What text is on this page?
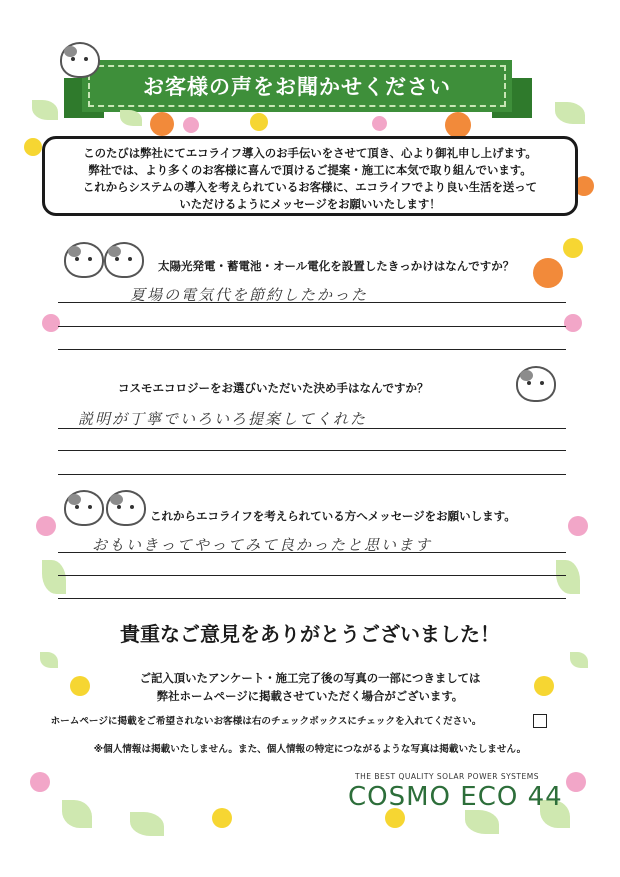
お客様の声をお聞かせください
このたびは弊社にてエコライフ導入のお手伝いをさせて頂き、心より御礼申し上げます。
弊社では、より多くのお客様に喜んで頂けるご提案・施工に本気で取り組んでいます。
これからシステムの導入を考えられているお客様に、エコライフでより良い生活を送って
いただけるようにメッセージをお願いいたします！
太陽光発電・蓄電池・オール電化を設置したきっかけはなんですか？
夏場の電気代を節約したかった
コスモエコロジーをお選びいただいた決め手はなんですか？
説明が丁寧でいろいろ提案してくれた
これからエコライフを考えられている方へメッセージをお願いします。
おもいきってやってみて良かったと思います
貴重なご意見をありがとうございました！
ご記入頂いたアンケート・施工完了後の写真の一部につきましては
弊社ホームページに掲載させていただく場合がございます。
ホームページに掲載をご希望されないお客様は右のチェックボックスにチェックを入れてください。
※個人情報は掲載いたしません。また、個人情報の特定につながるような写真は掲載いたしません。
THE BEST QUALITY SOLAR POWER SYSTEMS
COSMO ECO 44
